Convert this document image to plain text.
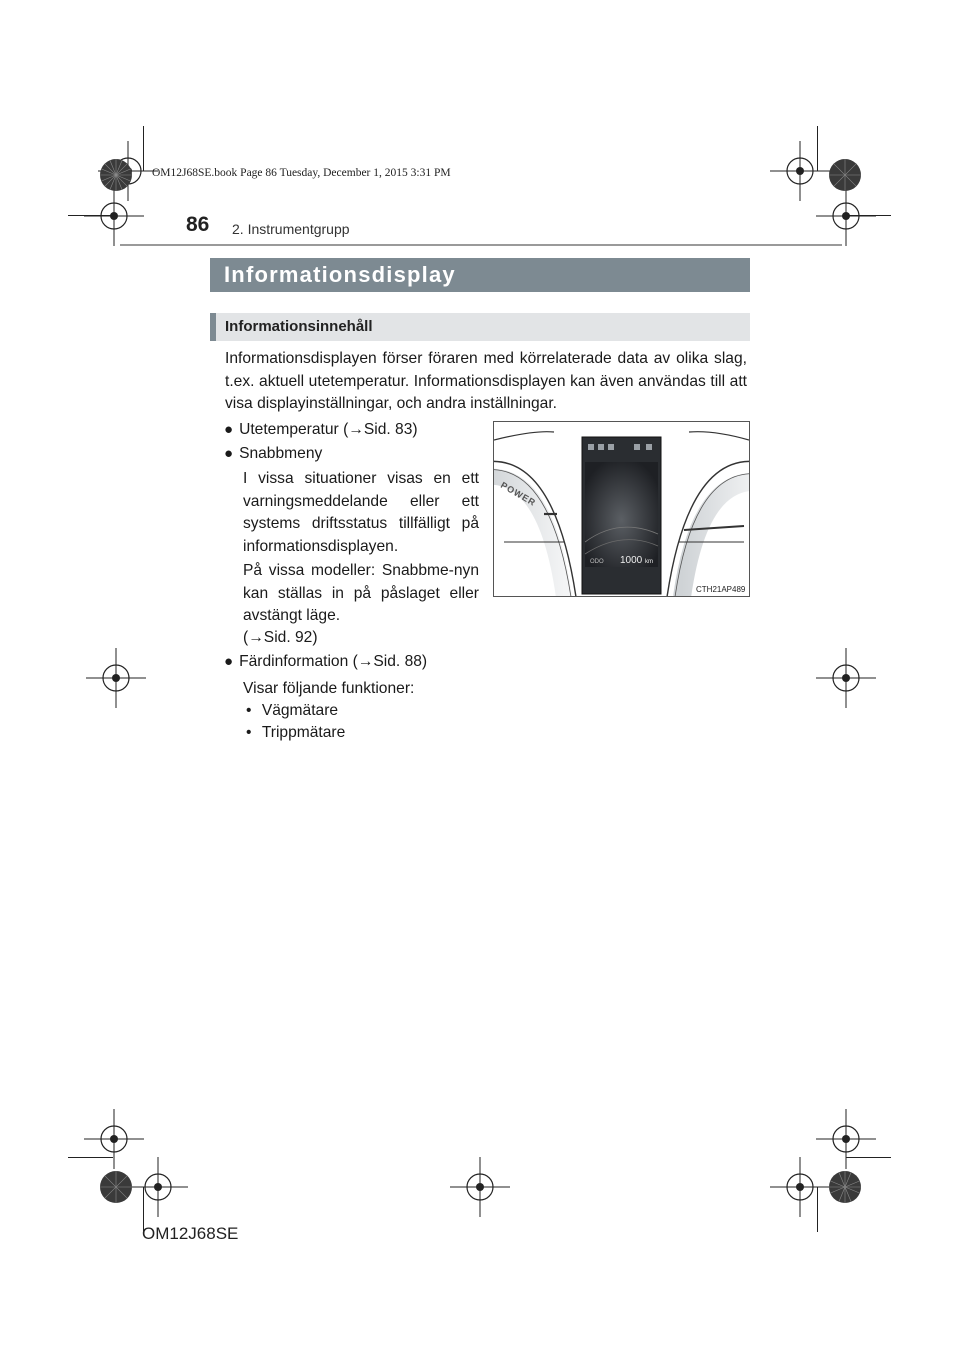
OM12J68SE.book Page 86 Tuesday, December 1, 2015 3:31 PM
86 2. Instrumentgrupp
Informationsdisplay
Informationsinnehåll

Informationsdisplayen förser föraren med körrelaterade data av olika slag, t.ex. aktuell utetemperatur. Informationsdisplayen kan även användas till att visa displayinställningar, och andra inställningar.

● Utetemperatur (→Sid. 83)
● Snabbmeny

I vissa situationer visas en ett varningsmeddelande eller ett systems driftsstatus tillfälligt på informationsdisplayen.

På vissa modeller: Snabbme-nyn kan ställas in på påslaget eller avstängt läge.

(→Sid. 92)
● Färdinformation (→Sid. 88)
Visar följande funktioner:
• Vägmätare
• Trippmätare
POWER
ODO 1000 km
CTH21AP489
OM12J68SE
